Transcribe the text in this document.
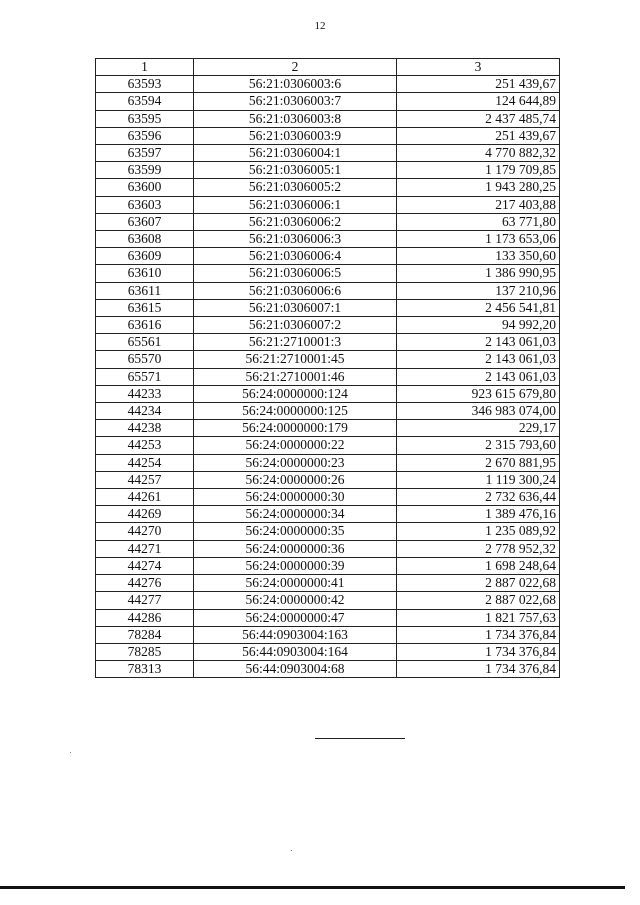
12
1	2	3
63593	56:21:0306003:6	251 439,67
63594	56:21:0306003:7	124 644,89
63595	56:21:0306003:8	2 437 485,74
63596	56:21:0306003:9	251 439,67
63597	56:21:0306004:1	4 770 882,32
63599	56:21:0306005:1	1 179 709,85
63600	56:21:0306005:2	1 943 280,25
63603	56:21:0306006:1	217 403,88
63607	56:21:0306006:2	63 771,80
63608	56:21:0306006:3	1 173 653,06
63609	56:21:0306006:4	133 350,60
63610	56:21:0306006:5	1 386 990,95
63611	56:21:0306006:6	137 210,96
63615	56:21:0306007:1	2 456 541,81
63616	56:21:0306007:2	94 992,20
65561	56:21:2710001:3	2 143 061,03
65570	56:21:2710001:45	2 143 061,03
65571	56:21:2710001:46	2 143 061,03
44233	56:24:0000000:124	923 615 679,80
44234	56:24:0000000:125	346 983 074,00
44238	56:24:0000000:179	229,17
44253	56:24:0000000:22	2 315 793,60
44254	56:24:0000000:23	2 670 881,95
44257	56:24:0000000:26	1 119 300,24
44261	56:24:0000000:30	2 732 636,44
44269	56:24:0000000:34	1 389 476,16
44270	56:24:0000000:35	1 235 089,92
44271	56:24:0000000:36	2 778 952,32
44274	56:24:0000000:39	1 698 248,64
44276	56:24:0000000:41	2 887 022,68
44277	56:24:0000000:42	2 887 022,68
44286	56:24:0000000:47	1 821 757,63
78284	56:44:0903004:163	1 734 376,84
78285	56:44:0903004:164	1 734 376,84
78313	56:44:0903004:68	1 734 376,84
